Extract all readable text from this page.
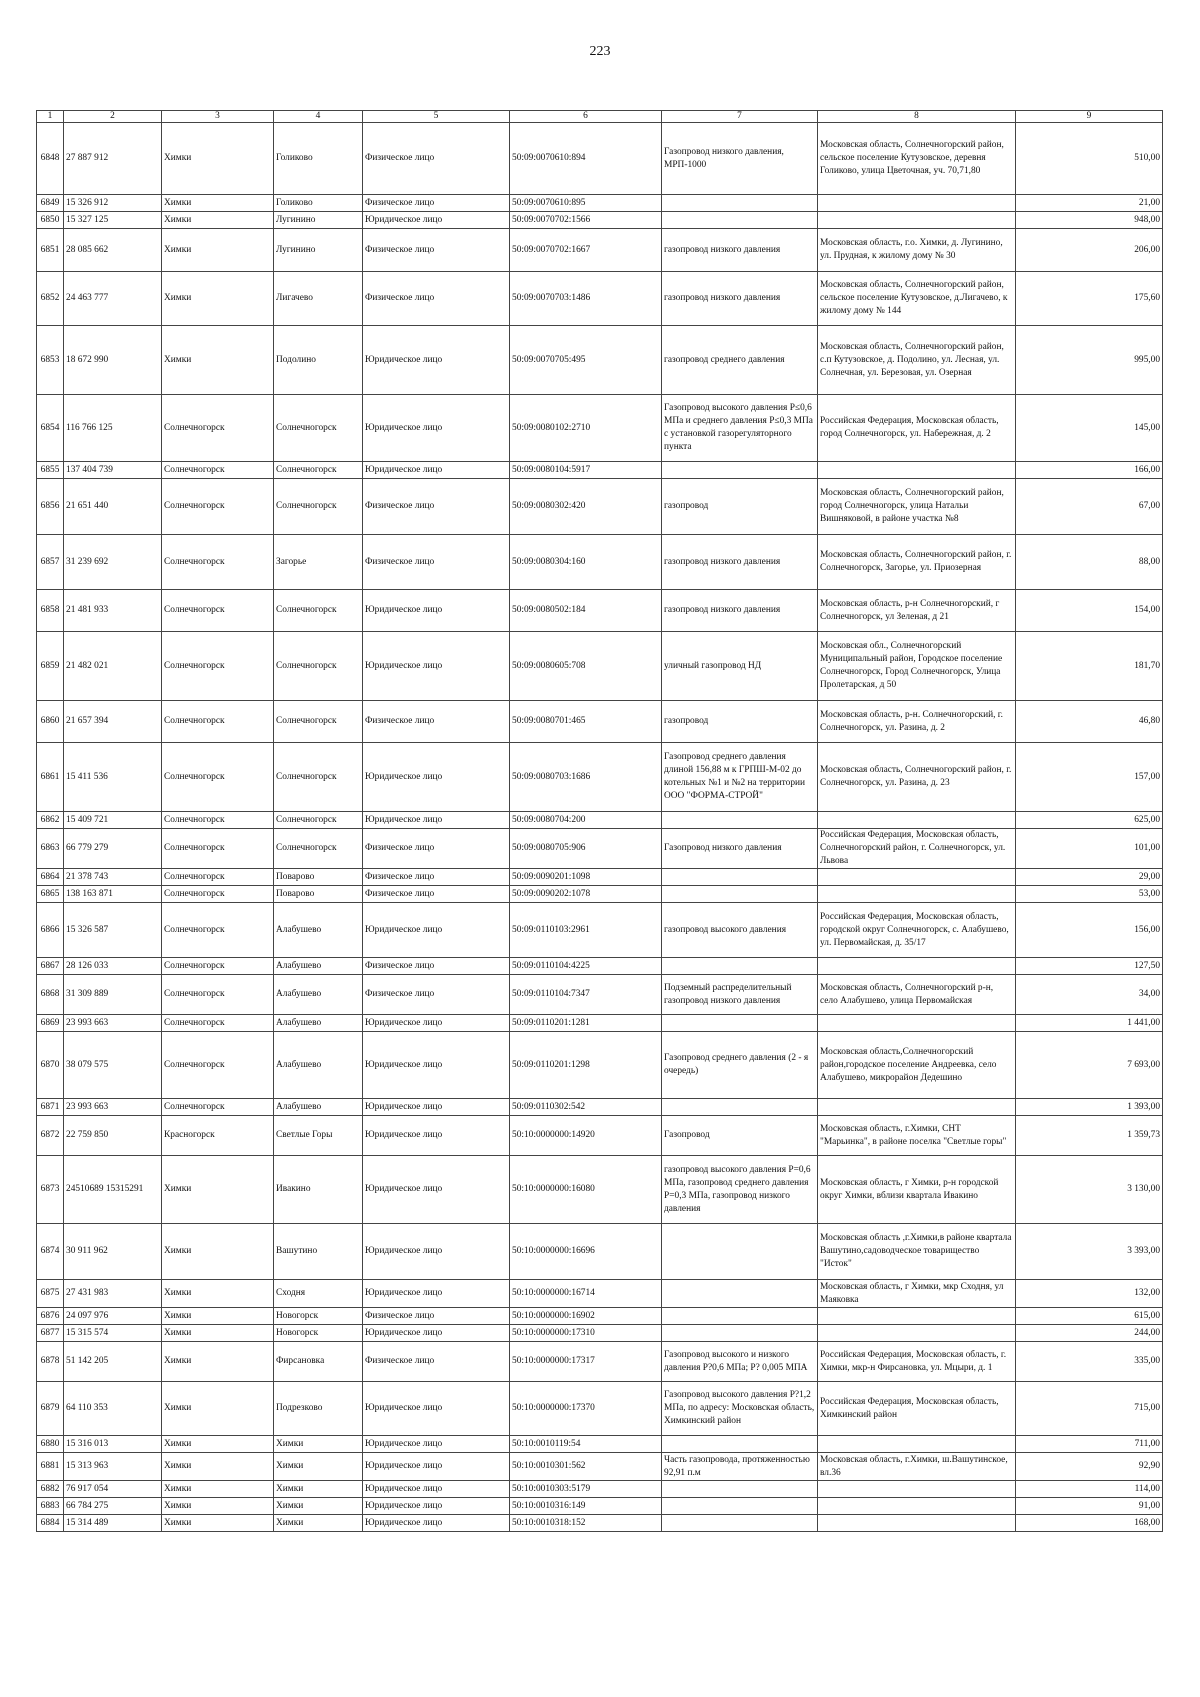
223
1	2	3	4	5	6	7	8	9
6848	27 887 912	Химки	Голиково	Физическое лицо	50:09:0070610:894	Газопровод низкого давления, МРП-1000	Московская область, Солнечногорский район, сельское поселение Кутузовское, деревня Голиково, улица Цветочная, уч. 70,71,80	510,00
6849	15 326 912	Химки	Голиково	Физическое лицо	50:09:0070610:895			21,00
6850	15 327 125	Химки	Лугинино	Юридическое лицо	50:09:0070702:1566			948,00
6851	28 085 662	Химки	Лугинино	Физическое лицо	50:09:0070702:1667	газопровод низкого давления	Московская область, г.о. Химки, д. Лугинино, ул. Прудная, к жилому дому № 30	206,00
6852	24 463 777	Химки	Лигачево	Физическое лицо	50:09:0070703:1486	газопровод низкого давления	Московская область, Солнечногорский район, сельское поселение Кутузовское, д.Лигачево, к жилому дому № 144	175,60
6853	18 672 990	Химки	Подолино	Юридическое лицо	50:09:0070705:495	газопровод среднего давления	Московская область, Солнечногорский район, с.п Кутузовское, д. Подолино, ул. Лесная, ул. Солнечная, ул. Березовая, ул. Озерная	995,00
6854	116 766 125	Солнечногорск	Солнечногорск	Юридическое лицо	50:09:0080102:2710	Газопровод высокого давления Р≤0,6 МПа и среднего давления Р≤0,3 МПа с установкой газорегуляторного пункта	Российская Федерация, Московская область, город Солнечногорск, ул. Набережная, д. 2	145,00
6855	137 404 739	Солнечногорск	Солнечногорск	Юридическое лицо	50:09:0080104:5917			166,00
6856	21 651 440	Солнечногорск	Солнечногорск	Физическое лицо	50:09:0080302:420	газопровод	Московская область, Солнечногорский район, город Солнечногорск, улица Натальи Вишняковой, в районе участка №8	67,00
6857	31 239 692	Солнечногорск	Загорье	Физическое лицо	50:09:0080304:160	газопровод низкого давления	Московская область, Солнечногорский район, г. Солнечногорск, Загорье, ул. Приозерная	88,00
6858	21 481 933	Солнечногорск	Солнечногорск	Юридическое лицо	50:09:0080502:184	газопровод низкого давления	Московская область, р-н Солнечногорский, г Солнечногорск, ул Зеленая, д 21	154,00
6859	21 482 021	Солнечногорск	Солнечногорск	Юридическое лицо	50:09:0080605:708	уличный газопровод НД	Московская обл., Солнечногорский Муниципальный район, Городское поселение Солнечногорск, Город Солнечногорск, Улица Пролетарская, д 50	181,70
6860	21 657 394	Солнечногорск	Солнечногорск	Физическое лицо	50:09:0080701:465	газопровод	Московская область, р-н. Солнечногорский, г. Солнечногорск, ул. Разина, д. 2	46,80
6861	15 411 536	Солнечногорск	Солнечногорск	Юридическое лицо	50:09:0080703:1686	Газопровод среднего давления длиной 156,88 м к ГРПШ-М-02 до котельных №1 и №2 на территории ООО "ФОРМА-СТРОЙ"	Московская область, Солнечногорский район, г. Солнечногорск, ул. Разина, д. 23	157,00
6862	15 409 721	Солнечногорск	Солнечногорск	Юридическое лицо	50:09:0080704:200			625,00
6863	66 779 279	Солнечногорск	Солнечногорск	Физическое лицо	50:09:0080705:906	Газопровод низкого давления	Российская Федерация, Московская область, Солнечногорский район, г. Солнечногорск, ул. Львова	101,00
6864	21 378 743	Солнечногорск	Поварово	Физическое лицо	50:09:0090201:1098			29,00
6865	138 163 871	Солнечногорск	Поварово	Физическое лицо	50:09:0090202:1078			53,00
6866	15 326 587	Солнечногорск	Алабушево	Юридическое лицо	50:09:0110103:2961	газопровод высокого давления	Российская Федерация, Московская область, городской округ Солнечногорск, с. Алабушево, ул. Первомайская, д. 35/17	156,00
6867	28 126 033	Солнечногорск	Алабушево	Физическое лицо	50:09:0110104:4225			127,50
6868	31 309 889	Солнечногорск	Алабушево	Физическое лицо	50:09:0110104:7347	Подземный распределительный газопровод низкого давления	Московская область, Солнечногорский р-н, село Алабушево, улица Первомайская	34,00
6869	23 993 663	Солнечногорск	Алабушево	Юридическое лицо	50:09:0110201:1281			1 441,00
6870	38 079 575	Солнечногорск	Алабушево	Юридическое лицо	50:09:0110201:1298	Газопровод среднего давления (2 - я очередь)	Московская область,Солнечногорский район,городское поселение Андреевка, село Алабушево, микрорайон Дедешино	7 693,00
6871	23 993 663	Солнечногорск	Алабушево	Юридическое лицо	50:09:0110302:542			1 393,00
6872	22 759 850	Красногорск	Светлые Горы	Юридическое лицо	50:10:0000000:14920	Газопровод	Московская область, г.Химки, СНТ "Марьинка", в районе поселка "Светлые горы"	1 359,73
6873	24510689 15315291	Химки	Ивакино	Юридическое лицо	50:10:0000000:16080	газопровод высокого давления Р=0,6 МПа, газопровод среднего давления Р=0,3 МПа, газопровод низкого давления	Московская область, г Химки, р-н городской округ Химки, вблизи квартала Ивакино	3 130,00
6874	30 911 962	Химки	Вашутино	Юридическое лицо	50:10:0000000:16696		Московская область ,г.Химки,в районе квартала Вашутино,садоводческое товарищество "Исток"	3 393,00
6875	27 431 983	Химки	Сходня	Юридическое лицо	50:10:0000000:16714		Московская область, г Химки, мкр Сходня, ул Маяковка	132,00
6876	24 097 976	Химки	Новогорск	Физическое лицо	50:10:0000000:16902			615,00
6877	15 315 574	Химки	Новогорск	Юридическое лицо	50:10:0000000:17310			244,00
6878	51 142 205	Химки	Фирсановка	Физическое лицо	50:10:0000000:17317	Газопровод высокого и низкого давления Р?0,6 МПа; Р? 0,005 МПА	Российская Федерация, Московская область, г. Химки, мкр-н Фирсановка, ул. Мцыри, д. 1	335,00
6879	64 110 353	Химки	Подрезково	Юридическое лицо	50:10:0000000:17370	Газопровод высокого давления Р?1,2 МПа, по адресу: Московская область, Химкинский район	Российская Федерация, Московская область, Химкинский район	715,00
6880	15 316 013	Химки	Химки	Юридическое лицо	50:10:0010119:54			711,00
6881	15 313 963	Химки	Химки	Юридическое лицо	50:10:0010301:562	Часть газопровода, протяженностью 92,91 п.м	Московская область, г.Химки, ш.Вашутинское, вл.36	92,90
6882	76 917 054	Химки	Химки	Юридическое лицо	50:10:0010303:5179			114,00
6883	66 784 275	Химки	Химки	Юридическое лицо	50:10:0010316:149			91,00
6884	15 314 489	Химки	Химки	Юридическое лицо	50:10:0010318:152			168,00
